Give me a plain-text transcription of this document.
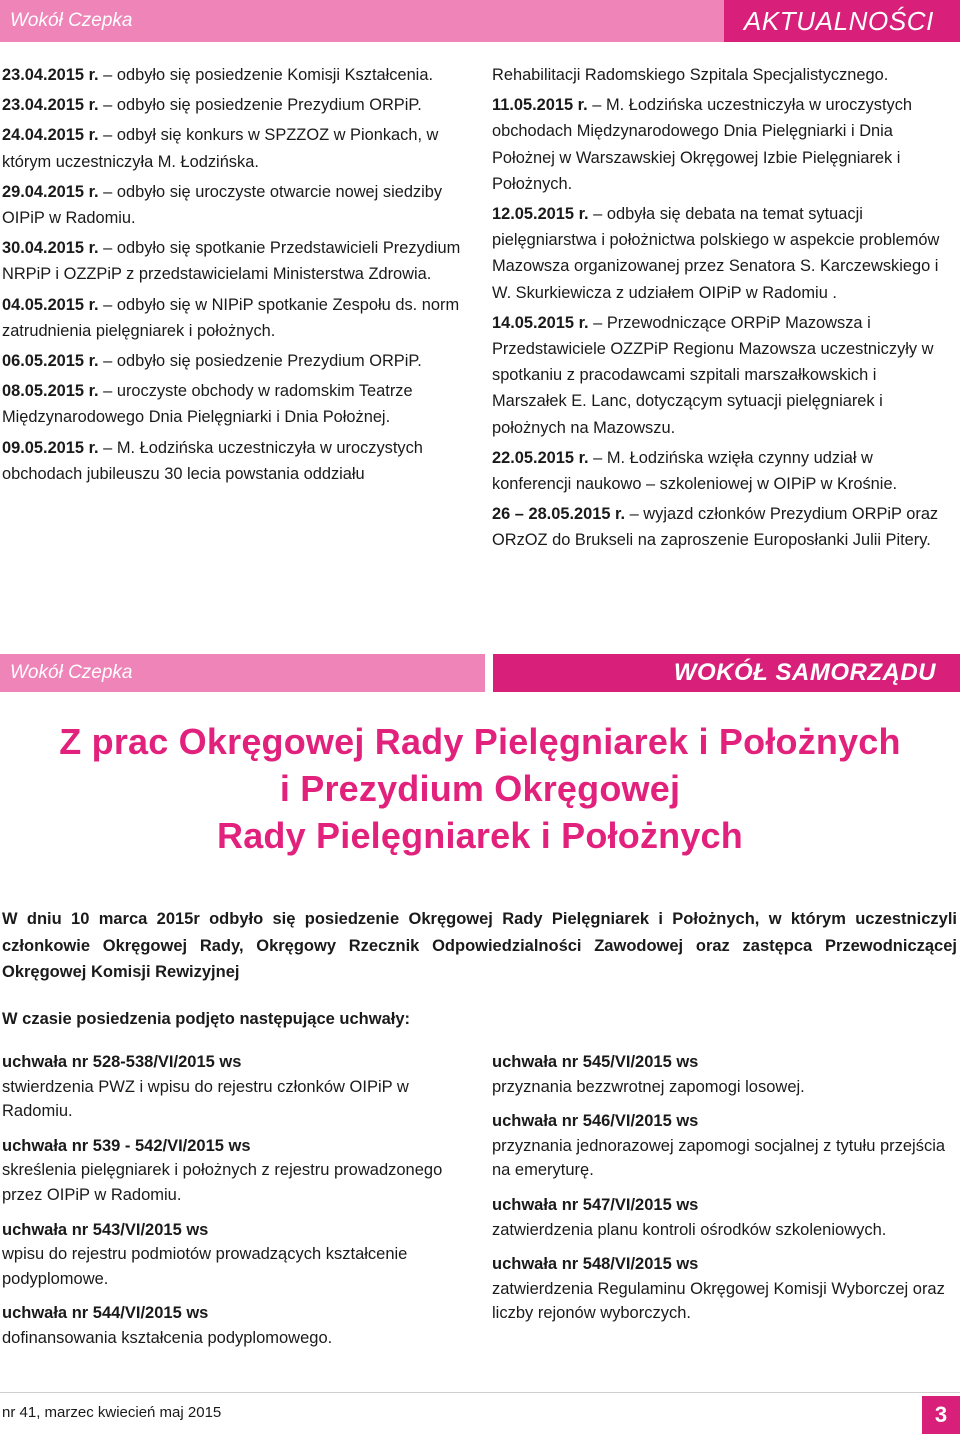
Wokół Czepka	AKTUALNOŚCI

23.04.2015 r. – odbyło się posiedzenie Komisji Kształcenia.

23.04.2015 r. – odbyło się posiedzenie Prezydium ORPiP.

24.04.2015 r. – odbył się konkurs w SPZZOZ w Pionkach, w którym uczestniczyła M. Łodzińska.

29.04.2015 r. – odbyło się uroczyste otwarcie nowej siedziby OIPiP w Radomiu.

30.04.2015 r. – odbyło się spotkanie Przedstawicieli Prezydium NRPiP i OZZPiP z przedstawicielami Ministerstwa Zdrowia.

04.05.2015 r. – odbyło się w NIPiP spotkanie Zespołu ds. norm zatrudnienia pielęgniarek i położnych.

06.05.2015 r. – odbyło się posiedzenie Prezydium ORPiP.

08.05.2015 r. – uroczyste obchody w radomskim Teatrze Międzynarodowego Dnia Pielęgniarki i Dnia Położnej.

09.05.2015 r. – M. Łodzińska uczestniczyła w uroczystych obchodach jubileuszu 30 lecia powstania oddziału

Rehabilitacji Radomskiego Szpitala Specjalistycznego.

11.05.2015 r. – M. Łodzińska uczestniczyła w uroczystych obchodach Międzynarodowego Dnia Pielęgniarki i Dnia Położnej w Warszawskiej Okręgowej Izbie Pielęgniarek i Położnych.

12.05.2015 r. – odbyła się debata na temat sytuacji pielęgniarstwa i położnictwa polskiego w aspekcie problemów Mazowsza organizowanej przez Senatora S. Karczewskiego i W. Skurkiewicza z udziałem OIPiP w Radomiu .

14.05.2015 r. – Przewodniczące ORPiP Mazowsza i Przedstawiciele OZZPiP Regionu Mazowsza uczestniczyły w spotkaniu z pracodawcami szpitali marszałkowskich i Marszałek E. Lanc, dotyczącym sytuacji pielęgniarek i położnych na Mazowszu.

22.05.2015 r. – M. Łodzińska wzięła czynny udział w konferencji naukowo – szkoleniowej w OIPiP w Krośnie.

26 – 28.05.2015 r. – wyjazd członków Prezydium ORPiP oraz ORzOZ do Brukseli na zaproszenie Europosłanki Julii Pitery.

Wokół Czepka	WOKÓŁ SAMORZĄDU
Z prac Okręgowej Rady Pielęgniarek i Położnych
i Prezydium Okręgowej
Rady Pielęgniarek i Położnych

W dniu 10 marca 2015r odbyło się posiedzenie Okręgowej Rady Pielęgniarek i Położnych, w którym uczestniczyli członkowie Okręgowej Rady, Okręgowy Rzecznik Odpowiedzialności Zawodowej oraz zastępca Przewodniczącej Okręgowej Komisji Rewizyjnej

W czasie posiedzenia podjęto następujące uchwały:

uchwała nr 528-538/VI/2015 ws
stwierdzenia PWZ i wpisu do rejestru członków OIPiP w Radomiu.
uchwała nr 539 - 542/VI/2015 ws
skreślenia pielęgniarek i położnych z rejestru prowadzonego przez OIPiP w Radomiu.
uchwała nr 543/VI/2015 ws
wpisu do rejestru podmiotów prowadzących kształcenie podyplomowe.
uchwała nr 544/VI/2015 ws
dofinansowania kształcenia podyplomowego.
uchwała nr 545/VI/2015 ws
przyznania bezzwrotnej zapomogi losowej.
uchwała nr 546/VI/2015 ws
przyznania jednorazowej zapomogi socjalnej z tytułu przejścia na emeryturę.
uchwała nr 547/VI/2015 ws
zatwierdzenia planu kontroli ośrodków szkoleniowych.
uchwała nr 548/VI/2015 ws
zatwierdzenia Regulaminu Okręgowej Komisji Wyborczej oraz liczby rejonów wyborczych.
nr 41, marzec kwiecień maj 2015	3
